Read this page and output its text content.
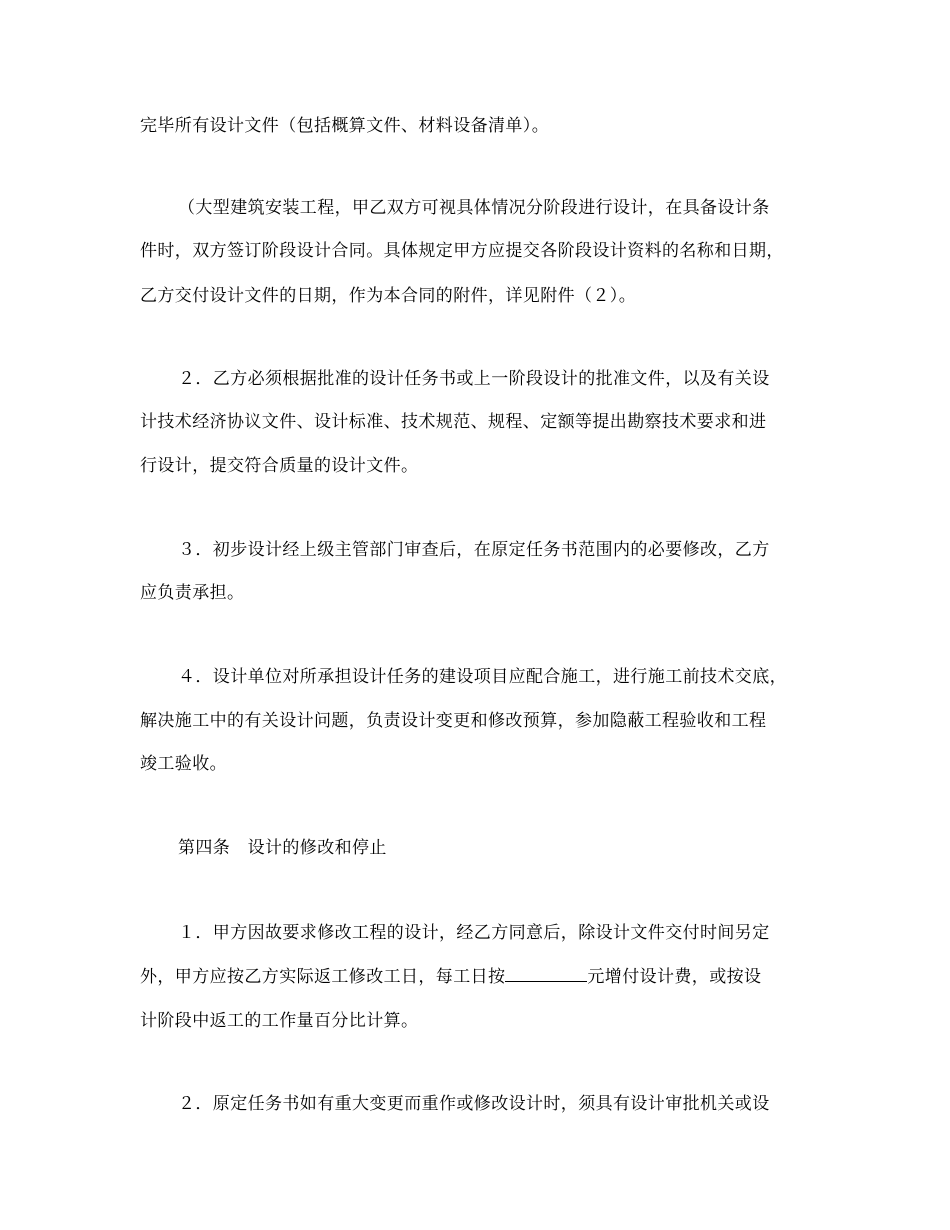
完毕所有设计文件（包括概算文件、材料设备清单）。
（大型建筑安装工程，甲乙双方可视具体情况分阶段进行设计，在具备设计条
件时，双方签订阶段设计合同。具体规定甲方应提交各阶段设计资料的名称和日期，
乙方交付设计文件的日期，作为本合同的附件，详见附件（２）。
２．乙方必须根据批准的设计任务书或上一阶段设计的批准文件，以及有关设
计技术经济协议文件、设计标准、技术规范、规程、定额等提出勘察技术要求和进
行设计，提交符合质量的设计文件。
３．初步设计经上级主管部门审查后，在原定任务书范围内的必要修改，乙方
应负责承担。
４．设计单位对所承担设计任务的建设项目应配合施工，进行施工前技术交底，
解决施工中的有关设计问题，负责设计变更和修改预算，参加隐蔽工程验收和工程
竣工验收。
第四条　设计的修改和停止
１．甲方因故要求修改工程的设计，经乙方同意后，除设计文件交付时间另定
外，甲方应按乙方实际返工修改工日，每工日按	元增付设计费，或按设
计阶段中返工的工作量百分比计算。
２．原定任务书如有重大变更而重作或修改设计时，须具有设计审批机关或设
